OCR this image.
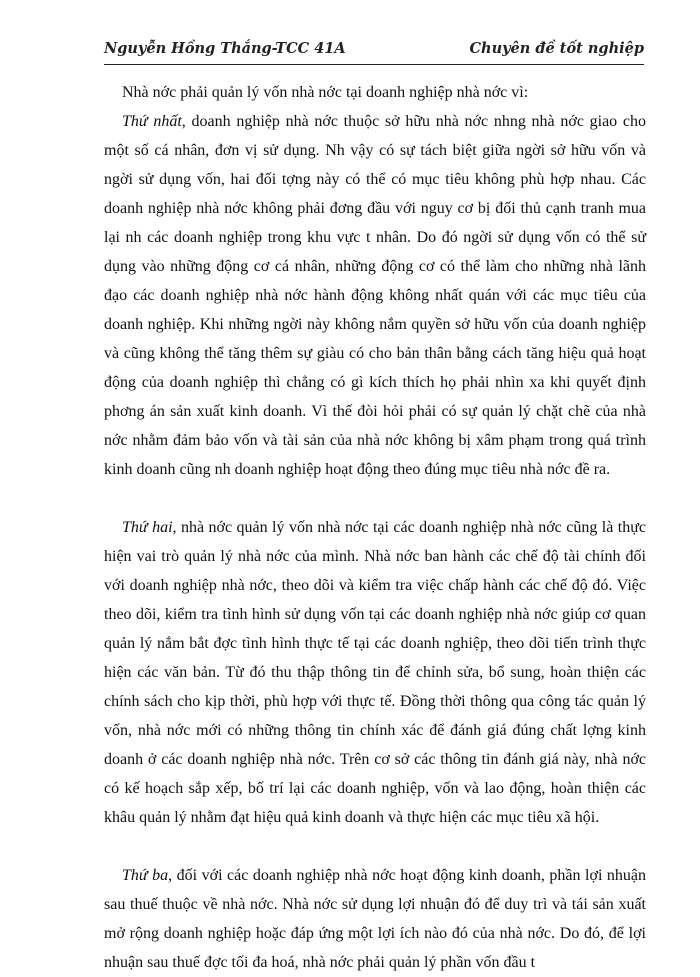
Nguyễn Hồng Thắng-TCC 41A	Chuyên đề tốt nghiệp

Nhà nớc phải quản lý vốn nhà nớc tại doanh nghiệp nhà nớc vì:

Thứ nhất, doanh nghiệp nhà nớc thuộc sở hữu nhà nớc nhng nhà nớc giao cho một số cá nhân, đơn vị sử dụng. Nh vậy có sự tách biệt giữa ngời sở hữu vốn và ngời sử dụng vốn, hai đối tợng này có thể có mục tiêu không phù hợp nhau. Các doanh nghiệp nhà nớc không phải đơng đầu với nguy cơ bị đối thủ cạnh tranh mua lại nh các doanh nghiệp trong khu vực t nhân. Do đó ngời sử dụng vốn có thể sử dụng vào những động cơ cá nhân, những động cơ có thể làm cho những nhà lãnh đạo các doanh nghiệp nhà nớc hành động không nhất quán với các mục tiêu của doanh nghiệp. Khi những ngời này không nắm quyền sở hữu vốn của doanh nghiệp và cũng không thể tăng thêm sự giàu có cho bản thân bằng cách tăng hiệu quả hoạt động của doanh nghiệp thì chẳng có gì kích thích họ phải nhìn xa khi quyết định phơng án sản xuất kinh doanh. Vì thế đòi hỏi phải có sự quản lý chặt chẽ của nhà nớc nhằm đảm bảo vốn và tài sản của nhà nớc không bị xâm phạm trong quá trình kinh doanh cũng nh doanh nghiệp hoạt động theo đúng mục tiêu nhà nớc đề ra.

Thứ hai, nhà nớc quản lý vốn nhà nớc tại các doanh nghiệp nhà nớc cũng là thực hiện vai trò quản lý nhà nớc của mình. Nhà nớc ban hành các chế độ tài chính đối với doanh nghiệp nhà nớc, theo dõi và kiểm tra việc chấp hành các chế độ đó. Việc theo dõi, kiểm tra tình hình sử dụng vốn tại các doanh nghiệp nhà nớc giúp cơ quan quản lý nắm bắt đợc tình hình thực tế tại các doanh nghiệp, theo dõi tiến trình thực hiện các văn bản. Từ đó thu thập thông tin để chỉnh sửa, bổ sung, hoàn thiện các chính sách cho kịp thời, phù hợp với thực tế. Đồng thời thông qua công tác quản lý vốn, nhà nớc mới có những thông tin chính xác để đánh giá đúng chất lợng kinh doanh ở các doanh nghiệp nhà nớc. Trên cơ sở các thông tin đánh giá này, nhà nớc có kế hoạch sắp xếp, bố trí lại các doanh nghiệp, vốn và lao động, hoàn thiện các khâu quản lý nhằm đạt hiệu quả kinh doanh và thực hiện các mục tiêu xã hội.

Thứ ba, đối với các doanh nghiệp nhà nớc hoạt động kinh doanh, phần lợi nhuận sau thuế thuộc về nhà nớc. Nhà nớc sử dụng lợi nhuận đó để duy trì và tái sản xuất mở rộng doanh nghiệp hoặc đáp ứng một lợi ích nào đó của nhà nớc. Do đó, để lợi nhuận sau thuế đợc tối đa hoá, nhà nớc phải quản lý phần vốn đầu t
